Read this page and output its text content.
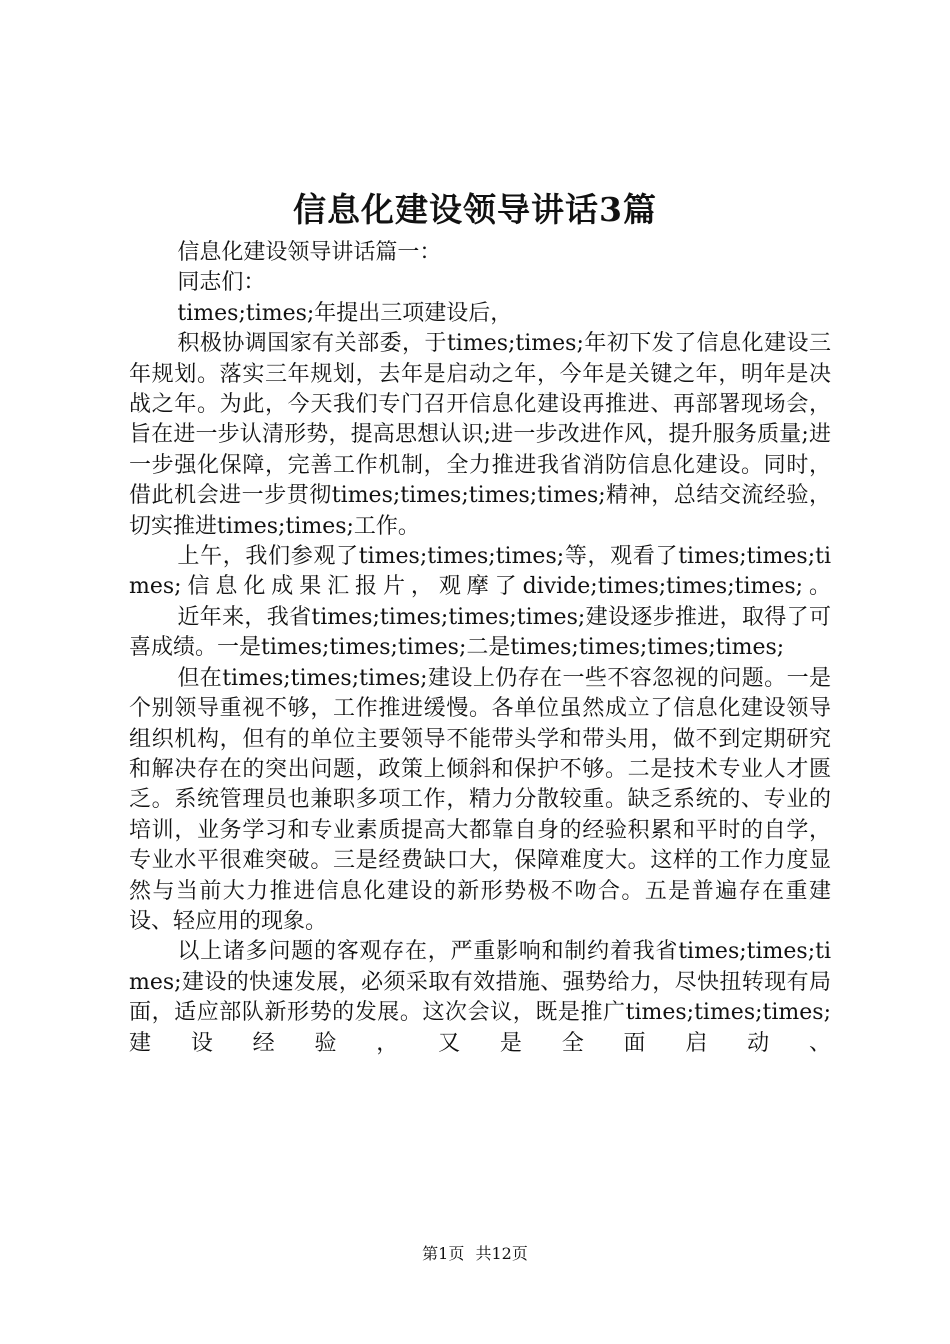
信息化建设领导讲话3篇

信息化建设领导讲话篇一：

同志们：

times;times;年提出三项建设后，

积极协调国家有关部委，于times;times;年初下发了信息化建设三年规划。落实三年规划，去年是启动之年，今年是关键之年，明年是决战之年。为此，今天我们专门召开信息化建设再推进、再部署现场会，旨在进一步认清形势，提高思想认识;进一步改进作风，提升服务质量;进一步强化保障，完善工作机制，全力推进我省消防信息化建设。同时，借此机会进一步贯彻times;times;times;times;精神，总结交流经验，切实推进times;times;工作。

上午，我们参观了times;times;times;等，观看了times;times;times;信息化成果汇报片，观摩了divide;times;times;times;。

近年来，我省times;times;times;times;建设逐步推进，取得了可喜成绩。一是times;times;times;二是times;times;times;times;

但在times;times;times;建设上仍存在一些不容忽视的问题。一是个别领导重视不够，工作推进缓慢。各单位虽然成立了信息化建设领导组织机构，但有的单位主要领导不能带头学和带头用，做不到定期研究和解决存在的突出问题，政策上倾斜和保护不够。二是技术专业人才匮乏。系统管理员也兼职多项工作，精力分散较重。缺乏系统的、专业的培训，业务学习和专业素质提高大都靠自身的经验积累和平时的自学，专业水平很难突破。三是经费缺口大，保障难度大。这样的工作力度显然与当前大力推进信息化建设的新形势极不吻合。五是普遍存在重建设、轻应用的现象。

以上诸多问题的客观存在，严重影响和制约着我省times;times;times;建设的快速发展，必须采取有效措施、强势给力，尽快扭转现有局面，适应部队新形势的发展。这次会议，既是推广times;times;times;建设经验，又是全面启动、

第1页 共12页
